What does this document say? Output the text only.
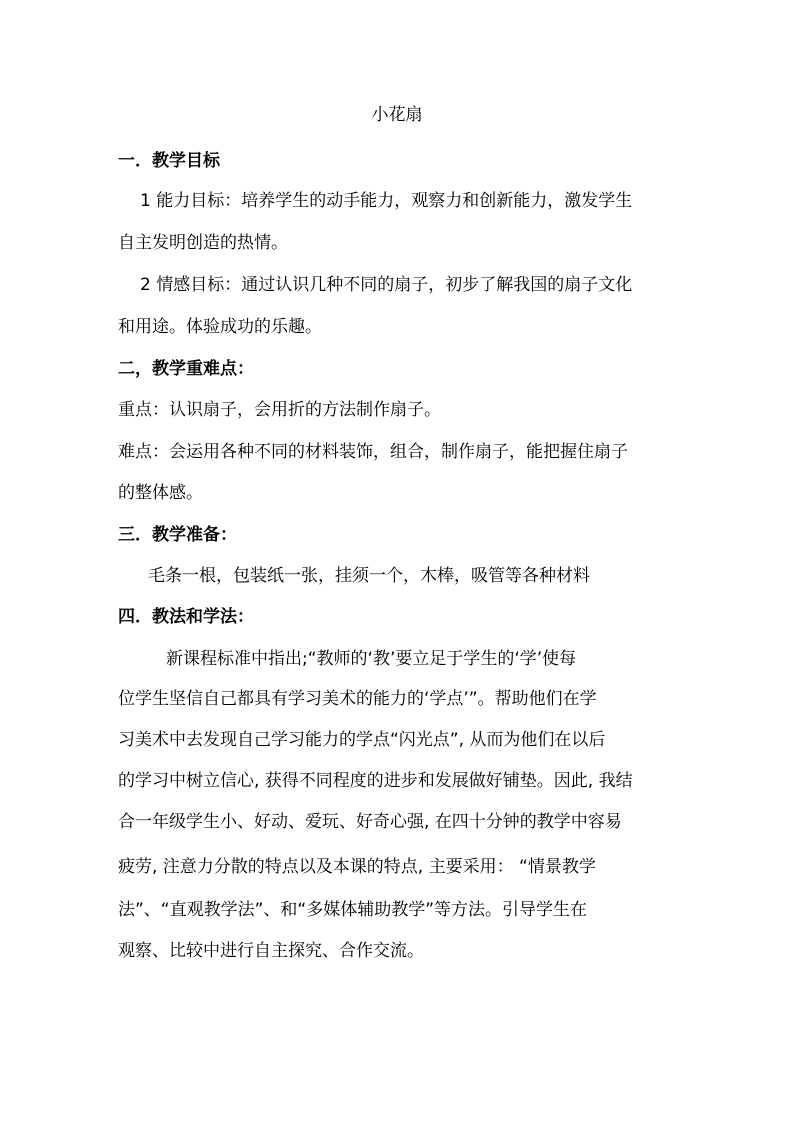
小花扇
一．教学目标
1 能力目标：培养学生的动手能力，观察力和创新能力，激发学生
自主发明创造的热情。
2 情感目标：通过认识几种不同的扇子，初步了解我国的扇子文化
和用途。体验成功的乐趣。
二，教学重难点：
重点：认识扇子，会用折的方法制作扇子。
难点：会运用各种不同的材料装饰，组合，制作扇子，能把握住扇子
的整体感。
三．教学准备：
毛条一根，包装纸一张，挂须一个，木棒，吸管等各种材料
四．教法和学法：
新课程标准中指出;“教师的‘教’要立足于学生的‘学’使每
位学生坚信自己都具有学习美术的能力的‘学点’”。帮助他们在学
习美术中去发现自己学习能力的学点“闪光点”, 从而为他们在以后
的学习中树立信心, 获得不同程度的进步和发展做好铺垫。因此, 我结
合一年级学生小、好动、爱玩、好奇心强, 在四十分钟的教学中容易
疲劳, 注意力分散的特点以及本课的特点, 主要采用： “情景教学
法”、“直观教学法”、和“多媒体辅助教学”等方法。引导学生在
观察、比较中进行自主探究、合作交流。
